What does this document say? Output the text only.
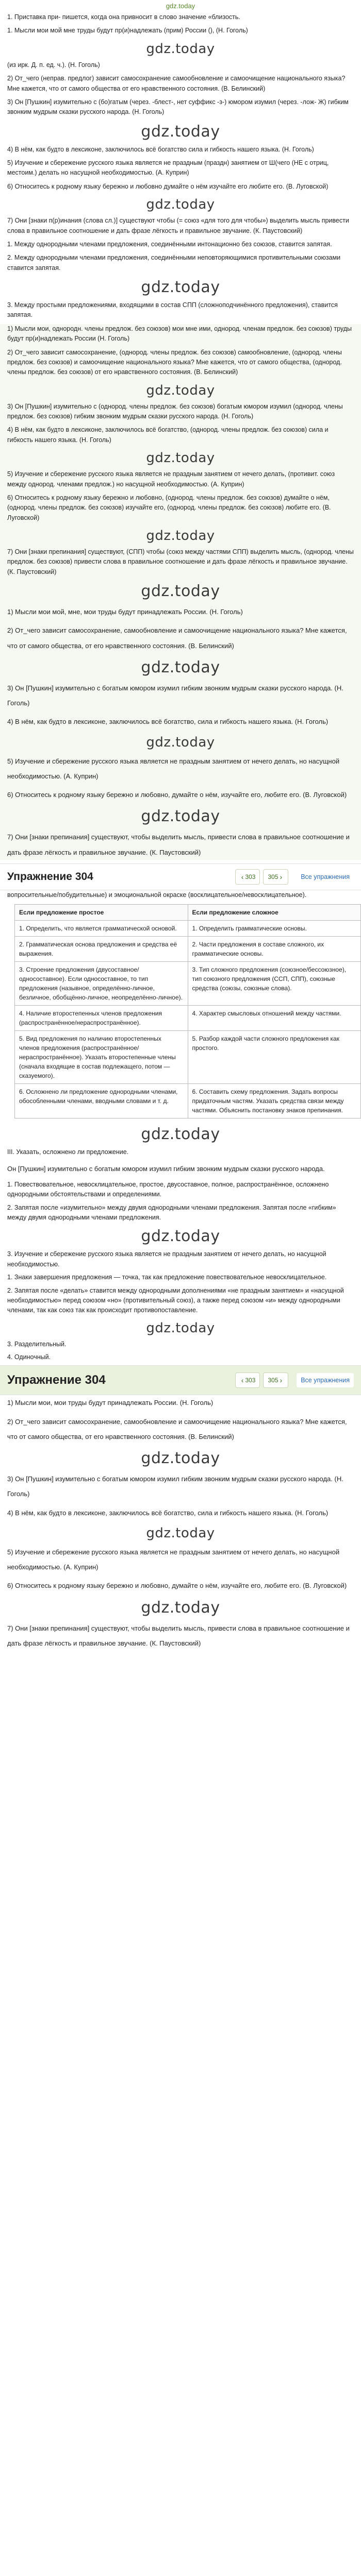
gdz.today

1. Приставка при- пишется, когда она привносит в слово значение «близость.

1. Мысли мои мой мне труды будут пр(и)надлежать (прим) России (), (Н. Гоголь)

gdz.today

(из ирк. Д. п. ед. ч.). (Н. Гоголь)

2) От_чего (неправ. предлог) зависит самосохранение самообновление и самоочищение национального языка? Мне кажется, что от самого общества от его нравственного состояния. (В. Белинский)

3) Он [Пушкин] изумительно с (бо)гатым (через. -блест-, нет суффикс -з-) юмором изумил (через. -лож- Ж) гибким звонким мудрым сказки русского народа. (Н. Гоголь)

gdz.today

4) В нём, как будто в лексиконе, заключилось всё богатство сила и гибкость нашего языка. (Н. Гоголь)

5) Изучение и сбережение русского языка является не праздным (праздн) занятием от Ш(чего (НЕ с отриц, местоим.) делать но насущной необходимостью. (А. Куприн)

6) Относитесь к родному языку бережно и любовно думайте о нём изучайте его любите его. (В. Луговской)

gdz.today

7) Они [знаки п(р)инания (слова сл.)] существуют чтобы (= союз «для того для чтобы») выделить мысль привести слова в правильное соотношение и дать фразе лёгкость и правильное звучание. (К. Паустовский)

1. Между однородными членами предложения, соединёнными интонационно без союзов, ставится запятая.

2. Между однородными членами предложения, соединёнными неповторяющимися противительными союзами ставится запятая.

gdz.today

3. Между простыми предложениями, входящими в состав СПП (сложноподчинённого предложения), ставится запятая.

1) Мысли мои, однородн. члены предлож. без союзов) мои мне ими, однород. членам предлож. без союзов) труды будут пр(и)надлежать России (Н. Гоголь)

2) От_чего зависит самосохранение, (однород. члены предлож. без союзов) самообновление, (однород. члены предлож. без союзов) и самоочищение национального языка? Мне кажется, что от самого общества, (однород. члены предлож. без союзов) от его нравственного состояния. (В. Белинский)

gdz.today

3) Он [Пушкин] изумительно с (однород. члены предлож. без союзов) богатым юмором изумил (однород. члены предлож. без союзов) гибким звонким мудрым сказки русского народа. (Н. Гоголь)

4) В нём, как будто в лексиконе, заключилось всё богатство, (однород. члены предлож. без союзов) сила и гибкость нашего языка. (Н. Гоголь)

gdz.today

5) Изучение и сбережение русского языка является не праздным занятием от нечего делать, (противит. союз между однород. членами предлож.) но насущной необходимостью. (А. Куприн)

6) Относитесь к родному языку бережно и любовно, (однород. члены предлож. без союзов) думайте о нём, (однород. члены предлож. без союзов) изучайте его, (однород. члены предлож. без союзов) любите его. (В. Луговской)

gdz.today

7) Они [знаки препинания] существуют, (СПП) чтобы (союз между частями СПП) выделить мысль, (однород. члены предлож. без союзов) привести слова в правильное соотношение и дать фразе лёгкость и правильное звучание. (К. Паустовский)

gdz.today

1) Мысли мои мой, мне, мои труды будут принадлежать России. (Н. Гоголь)

2) От_чего зависит самосохранение, самообновление и самоочищение национального языка? Мне кажется, что от самого общества, от его нравственного состояния. (В. Белинский)

gdz.today

3) Он [Пушкин] изумительно с богатым юмором изумил гибким звонким мудрым сказки русского народа. (Н. Гоголь)

4) В нём, как будто в лексиконе, заключилось всё богатство, сила и гибкость нашего языка. (Н. Гоголь)

gdz.today

5) Изучение и сбережение русского языка является не праздным занятием от нечего делать, но насущной необходимостью. (А. Куприн)

6) Относитесь к родному языку бережно и любовно, думайте о нём, изучайте его, любите его. (В. Луговской)

gdz.today

7) Они [знаки препинания] существуют, чтобы выделить мысль, привести слова в правильное соотношение и дать фразе лёгкость и правильное звучание. (К. Паустовский)

Упражнение 304	‹ 303 305 ›	Все упражнения

вопросительные/побудительные) и эмоциональной окраске (восклицательное/невосклицательное).

Если предложение простое	Если предложение сложное
1. Определить, что является грамматической основой.	1. Определить грамматические основы.
2. Грамматическая основа предложения и средства её выражения.	2. Части предложения в составе сложного, их грамматические основы.
3. Строение предложения (двусоставное/односоставное). Если односоставное, то тип предложения (назывное, определённо-личное, безличное, обобщённо-личное, неопределённо-личное).	3. Тип сложного предложения (союзное/бессоюзное), тип союзного предложения (ССП, СПП), союзные средства (союзы, союзные слова).
4. Наличие второстепенных членов предложения (распространённое/нераспространённое).	4. Характер смысловых отношений между частями.
5. Вид предложения по наличию второстепенных членов предложения (распространённое/нераспространённое). Указать второстепенные члены (сначала входящие в состав подлежащего, потом — сказуемого).	5. Разбор каждой части сложного предложения как простого.
6. Осложнено ли предложение однородными членами, обособленными членами, вводными словами и т. д.	6. Составить схему предложения. Задать вопросы придаточным частям. Указать средства связи между частями. Объяснить постановку знаков препинания.
gdz.today

III. Указать, осложнено ли предложение.

Он [Пушкин] изумительно с богатым юмором изумил гибким звонким мудрым сказки русского народа.

1. Повествовательное, невосклицательное, простое, двусоставное, полное, распространённое, осложнено однородными обстоятельствами и определениями.

2. Запятая после «изумительно» между двумя однородными членами предложения. Запятая после «гибким» между двумя однородными членами предложения.

gdz.today

3. Изучение и сбережение русского языка является не праздным занятием от нечего делать, но насущной необходимостью.

1. Знаки завершения предложения — точка, так как предложение повествовательное невосклицательное.

2. Запятая после «делать» ставится между однородными дополнениями «не праздным занятием» и «насущной необходимостью» перед союзом «но» (противительный союз), а также перед союзом «и» между однородными членами, так как союз так как происходит противопоставление.

gdz.today

3. Разделительный.

4. Одиночный.

Упражнение 304	‹ 303 305 ›	Все упражнения

1) Мысли мои, мои труды будут принадлежать России. (Н. Гоголь)

2) От_чего зависит самосохранение, самообновление и самоочищение национального языка? Мне кажется, что от самого общества, от его нравственного состояния. (В. Белинский)

gdz.today

3) Он [Пушкин] изумительно с богатым юмором изумил гибким звонким мудрым сказки русского народа. (Н. Гоголь)

4) В нём, как будто в лексиконе, заключилось всё богатство, сила и гибкость нашего языка. (Н. Гоголь)

gdz.today

5) Изучение и сбережение русского языка является не праздным занятием от нечего делать, но насущной необходимостью. (А. Куприн)

6) Относитесь к родному языку бережно и любовно, думайте о нём, изучайте его, любите его. (В. Луговской)

gdz.today

7) Они [знаки препинания] существуют, чтобы выделить мысль, привести слова в правильное соотношение и дать фразе лёгкость и правильное звучание. (К. Паустовский)
